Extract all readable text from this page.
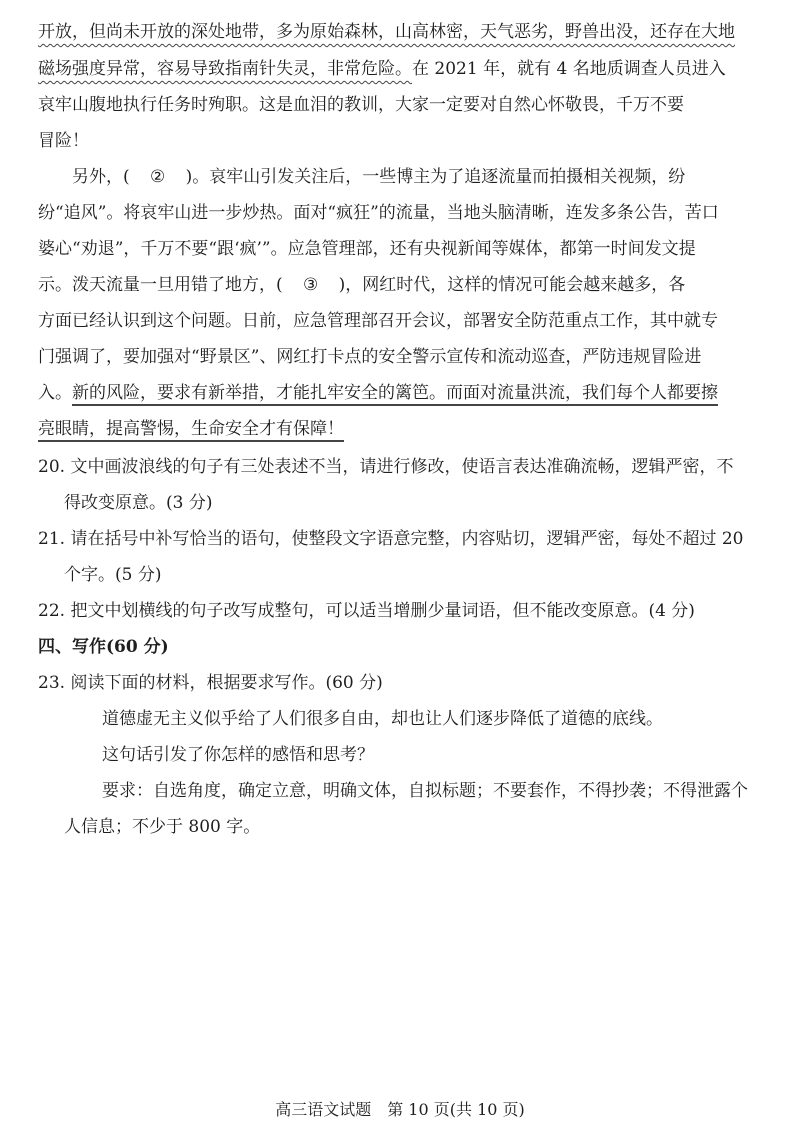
开放，但尚未开放的深处地带，多为原始森林，山高林密，天气恶劣，野兽出没，还存在大地
磁场强度异常，容易导致指南针失灵，非常危险。在 2021 年，就有 4 名地质调查人员进入
哀牢山腹地执行任务时殉职。这是血泪的教训，大家一定要对自然心怀敬畏，千万不要
冒险！
另外，( ② )。哀牢山引发关注后，一些博主为了追逐流量而拍摄相关视频，纷
纷“追风”。将哀牢山进一步炒热。面对“疯狂”的流量，当地头脑清晰，连发多条公告，苦口
婆心“劝退”，千万不要“跟‘疯’”。应急管理部，还有央视新闻等媒体，都第一时间发文提
示。泼天流量一旦用错了地方，( ③ )，网红时代，这样的情况可能会越来越多，各
方面已经认识到这个问题。日前，应急管理部召开会议，部署安全防范重点工作，其中就专
门强调了，要加强对“野景区”、网红打卡点的安全警示宣传和流动巡查，严防违规冒险进
入。新的风险，要求有新举措，才能扎牢安全的篱笆。而面对流量洪流，我们每个人都要擦
亮眼睛，提高警惕，生命安全才有保障！
20. 文中画波浪线的句子有三处表述不当，请进行修改，使语言表达准确流畅，逻辑严密，不
得改变原意。(3 分)
21. 请在括号中补写恰当的语句，使整段文字语意完整，内容贴切，逻辑严密，每处不超过 20
个字。(5 分)
22. 把文中划横线的句子改写成整句，可以适当增删少量词语，但不能改变原意。(4 分)
四、写作(60 分)
23. 阅读下面的材料，根据要求写作。(60 分)
道德虚无主义似乎给了人们很多自由，却也让人们逐步降低了道德的底线。
这句话引发了你怎样的感悟和思考？
要求：自选角度，确定立意，明确文体，自拟标题；不要套作，不得抄袭；不得泄露个
人信息；不少于 800 字。
高三语文试题 第 10 页(共 10 页)
